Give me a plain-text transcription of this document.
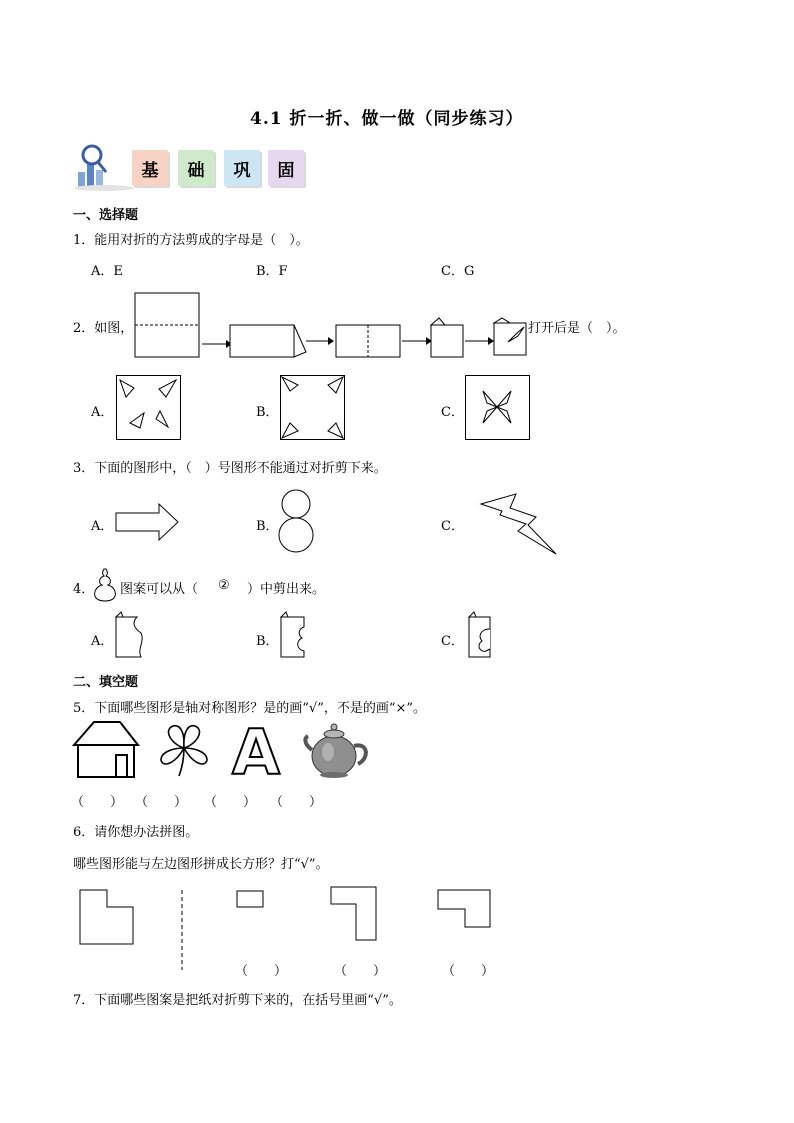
4.1 折一折、做一做（同步练习）
基	础	巩	固
一、选择题
1．能用对折的方法剪成的字母是（　）。
A．E	B．F	C．G
2．如图，	打开后是（　）。
A．	B．	C．
3．下面的图形中，（　）号图形不能通过对折剪下来。
A．	B．	C．
4． 图案可以从（ ② ）中剪出来。
A．	B．	C．
二、填空题
5．下面哪些图形是轴对称图形？是的画“√”，不是的画“×”。
A
（　　） （　　） （　　） （　　）
6．请你想办法拼图。
哪些图形能与左边图形拼成长方形？打“√”。
（　　）	（　　）	（　　）
7．下面哪些图案是把纸对折剪下来的，在括号里画“√”。
